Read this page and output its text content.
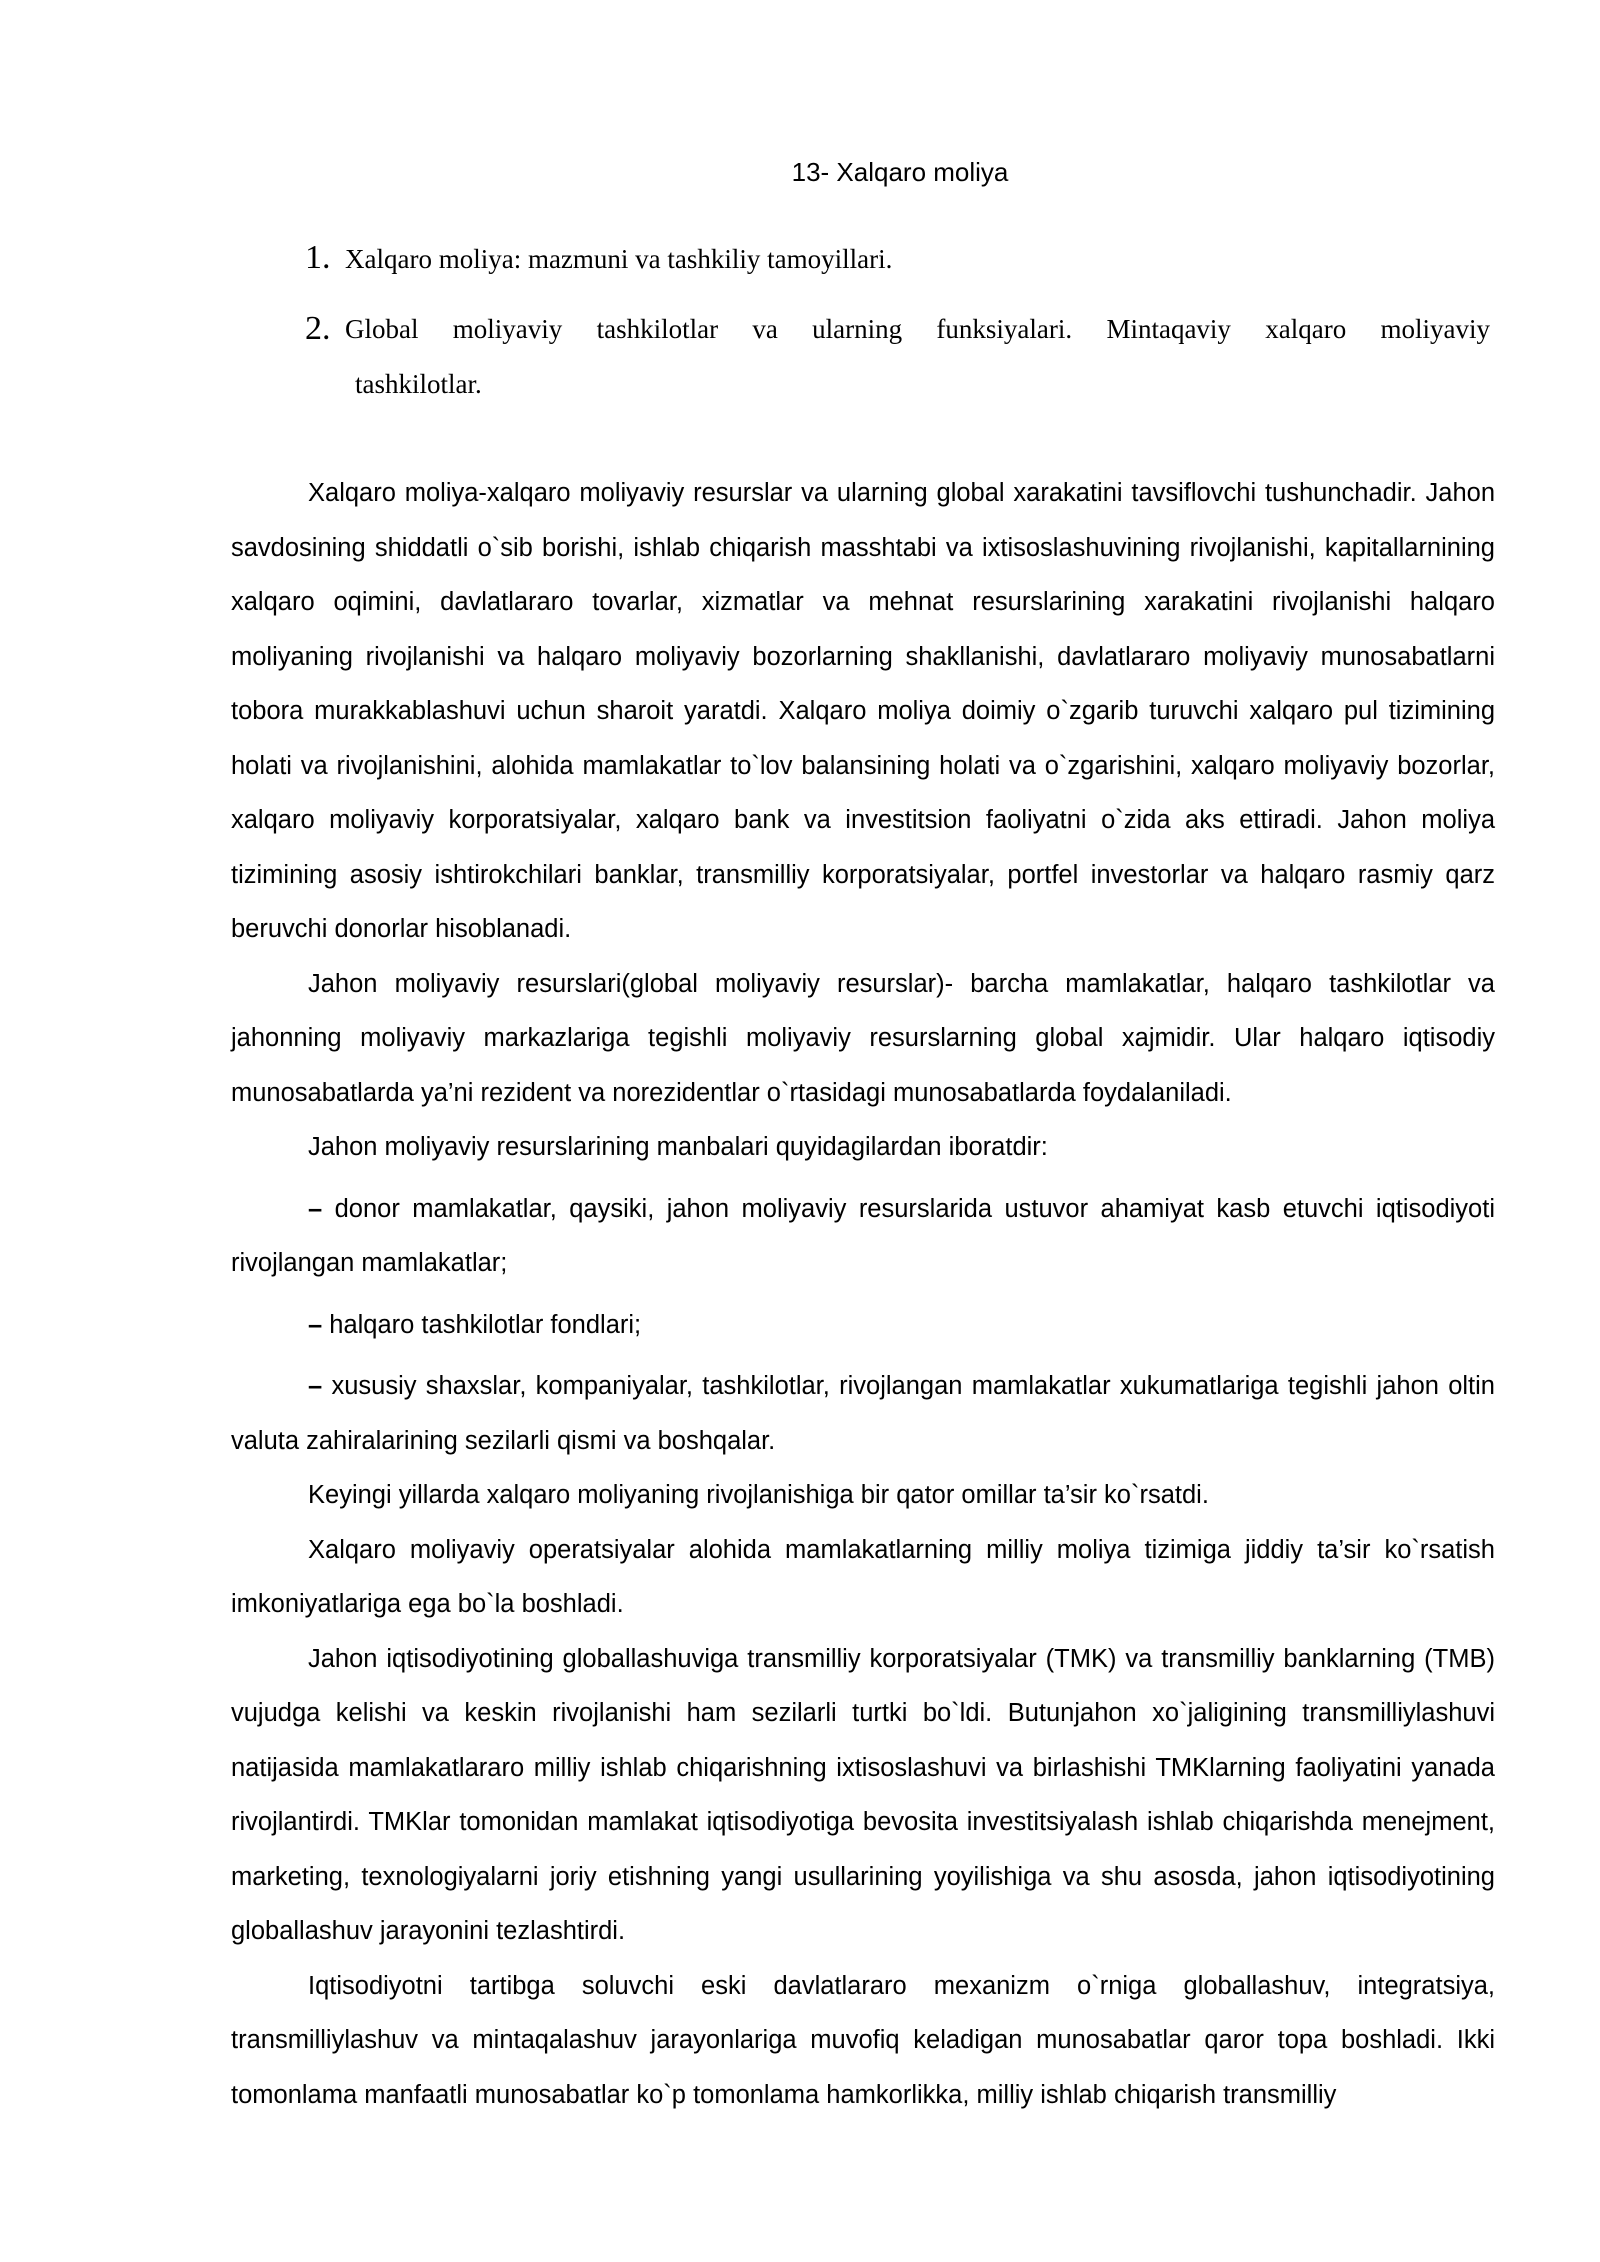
13- Xalqaro moliya
1. Xalqaro moliya: mazmuni va tashkiliy tamoyillari.
2. Global moliyaviy tashkilotlar va ularning funksiyalari. Mintaqaviy xalqaro moliyaviy
tashkilotlar.

Xalqaro moliya-xalqaro moliyaviy resurslar va ularning global xarakatini tavsiflovchi tushunchadir. Jahon savdosining shiddatli o`sib borishi, ishlab chiqarish masshtabi va ixtisoslashuvining rivojlanishi, kapitallarnining xalqaro oqimini, davlatlararo tovarlar, xizmatlar va mehnat resurslarining xarakatini rivojlanishi halqaro moliyaning rivojlanishi va halqaro moliyaviy bozorlarning shakllanishi, davlatlararo moliyaviy munosabatlarni tobora murakkablashuvi uchun sharoit yaratdi. Xalqaro moliya doimiy o`zgarib turuvchi xalqaro pul tizimining holati va rivojlanishini, alohida mamlakatlar to`lov balansining holati va o`zgarishini, xalqaro moliyaviy bozorlar, xalqaro moliyaviy korporatsiyalar, xalqaro bank va investitsion faoliyatni o`zida aks ettiradi. Jahon moliya tizimining asosiy ishtirokchilari banklar, transmilliy korporatsiyalar, portfel investorlar va halqaro rasmiy qarz beruvchi donorlar hisoblanadi.

Jahon moliyaviy resurslari(global moliyaviy resurslar)- barcha mamlakatlar, halqaro tashkilotlar va jahonning moliyaviy markazlariga tegishli moliyaviy resurslarning global xajmidir. Ular halqaro iqtisodiy munosabatlarda ya’ni rezident va norezidentlar o`rtasidagi munosabatlarda foydalaniladi.

Jahon moliyaviy resurslarining manbalari quyidagilardan iboratdir:

– donor mamlakatlar, qaysiki, jahon moliyaviy resurslarida ustuvor ahamiyat kasb etuvchi iqtisodiyoti rivojlangan mamlakatlar;

– halqaro tashkilotlar fondlari;

– xususiy shaxslar, kompaniyalar, tashkilotlar, rivojlangan mamlakatlar xukumatlariga tegishli jahon oltin valuta zahiralarining sezilarli qismi va boshqalar.

Keyingi yillarda xalqaro moliyaning rivojlanishiga bir qator omillar ta’sir ko`rsatdi.

Xalqaro moliyaviy operatsiyalar alohida mamlakatlarning milliy moliya tizimiga jiddiy ta’sir ko`rsatish imkoniyatlariga ega bo`la boshladi.

Jahon iqtisodiyotining globallashuviga transmilliy korporatsiyalar (TMK) va transmilliy banklarning (TMB) vujudga kelishi va keskin rivojlanishi ham sezilarli turtki bo`ldi. Butunjahon xo`jaligining transmilliylashuvi natijasida mamlakatlararo milliy ishlab chiqarishning ixtisoslashuvi va birlashishi TMKlarning faoliyatini yanada rivojlantirdi. TMKlar tomonidan mamlakat iqtisodiyotiga bevosita investitsiyalash ishlab chiqarishda menejment, marketing, texnologiyalarni joriy etishning yangi usullarining yoyilishiga va shu asosda, jahon iqtisodiyotining globallashuv jarayonini tezlashtirdi.

Iqtisodiyotni tartibga soluvchi eski davlatlararo mexanizm o`rniga globallashuv, integratsiya, transmilliylashuv va mintaqalashuv jarayonlariga muvofiq keladigan munosabatlar qaror topa boshladi. Ikki tomonlama manfaatli munosabatlar ko`p tomonlama hamkorlikka, milliy ishlab chiqarish transmilliy
